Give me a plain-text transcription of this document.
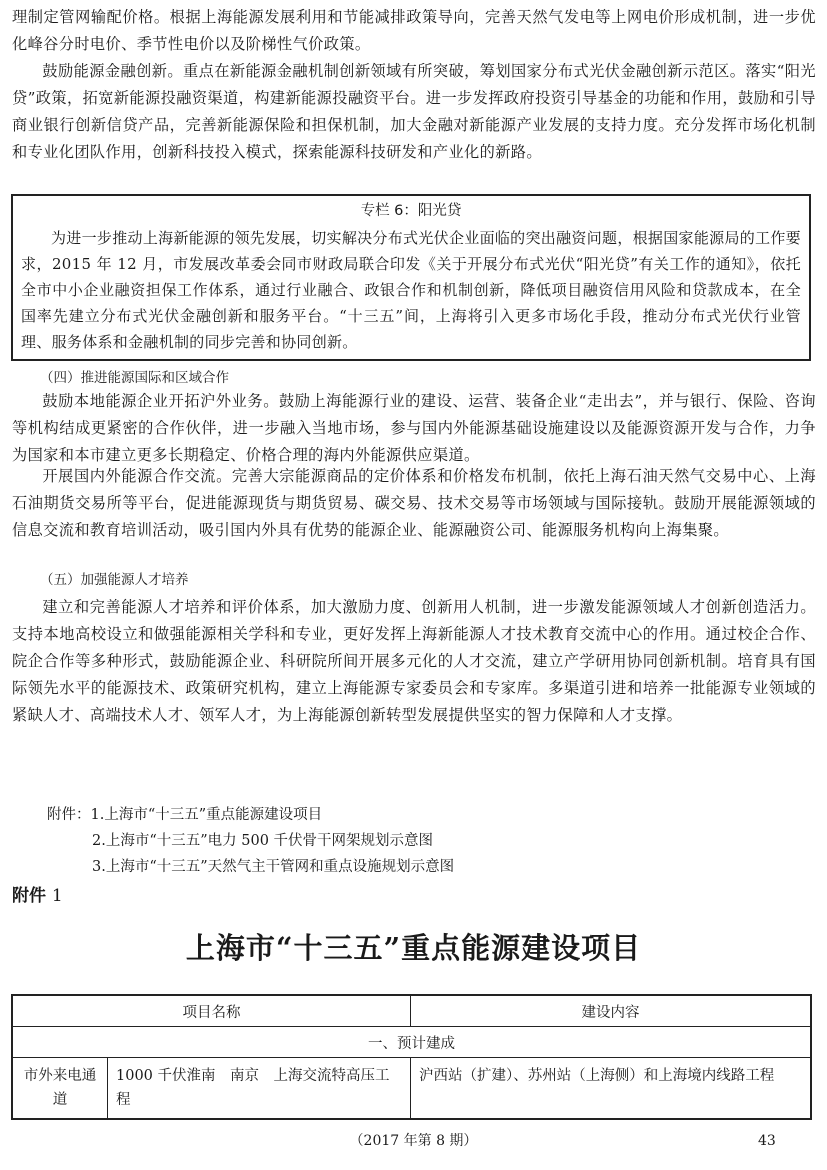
理制定管网输配价格。根据上海能源发展利用和节能减排政策导向，完善天然气发电等上网电价形成机制，进一步优化峰谷分时电价、季节性电价以及阶梯性气价政策。

鼓励能源金融创新。重点在新能源金融机制创新领域有所突破，筹划国家分布式光伏金融创新示范区。落实“阳光贷”政策，拓宽新能源投融资渠道，构建新能源投融资平台。进一步发挥政府投资引导基金的功能和作用，鼓励和引导商业银行创新信贷产品，完善新能源保险和担保机制，加大金融对新能源产业发展的支持力度。充分发挥市场化机制和专业化团队作用，创新科技投入模式，探索能源科技研发和产业化的新路。

专栏 6：阳光贷

为进一步推动上海新能源的领先发展，切实解决分布式光伏企业面临的突出融资问题，根据国家能源局的工作要求，2015 年 12 月，市发展改革委会同市财政局联合印发《关于开展分布式光伏“阳光贷”有关工作的通知》，依托全市中小企业融资担保工作体系，通过行业融合、政银合作和机制创新，降低项目融资信用风险和贷款成本，在全国率先建立分布式光伏金融创新和服务平台。“十三五”间，上海将引入更多市场化手段，推动分布式光伏行业管理、服务体系和金融机制的同步完善和协同创新。

（四）推进能源国际和区域合作

鼓励本地能源企业开拓沪外业务。鼓励上海能源行业的建设、运营、装备企业“走出去”，并与银行、保险、咨询等机构结成更紧密的合作伙伴，进一步融入当地市场，参与国内外能源基础设施建设以及能源资源开发与合作，力争为国家和本市建立更多长期稳定、价格合理的海内外能源供应渠道。

开展国内外能源合作交流。完善大宗能源商品的定价体系和价格发布机制，依托上海石油天然气交易中心、上海石油期货交易所等平台，促进能源现货与期货贸易、碳交易、技术交易等市场领域与国际接轨。鼓励开展能源领域的信息交流和教育培训活动，吸引国内外具有优势的能源企业、能源融资公司、能源服务机构向上海集聚。

（五）加强能源人才培养

建立和完善能源人才培养和评价体系，加大激励力度、创新用人机制，进一步激发能源领域人才创新创造活力。支持本地高校设立和做强能源相关学科和专业，更好发挥上海新能源人才技术教育交流中心的作用。通过校企合作、院企合作等多种形式，鼓励能源企业、科研院所间开展多元化的人才交流，建立产学研用协同创新机制。培育具有国际领先水平的能源技术、政策研究机构，建立上海能源专家委员会和专家库。多渠道引进和培养一批能源专业领域的紧缺人才、高端技术人才、领军人才，为上海能源创新转型发展提供坚实的智力保障和人才支撑。

附件：1.上海市“十三五”重点能源建设项目

2.上海市“十三五”电力 500 千伏骨干网架规划示意图

3.上海市“十三五”天然气主干管网和重点设施规划示意图

附件 1
上海市“十三五”重点能源建设项目
项目名称		建设内容
一、预计建成		
市外来电通道	1000 千伏淮南　南京　上海交流特高压工程	沪西站（扩建）、苏州站（上海侧）和上海境内线路工程
（2017 年第 8 期）	43
